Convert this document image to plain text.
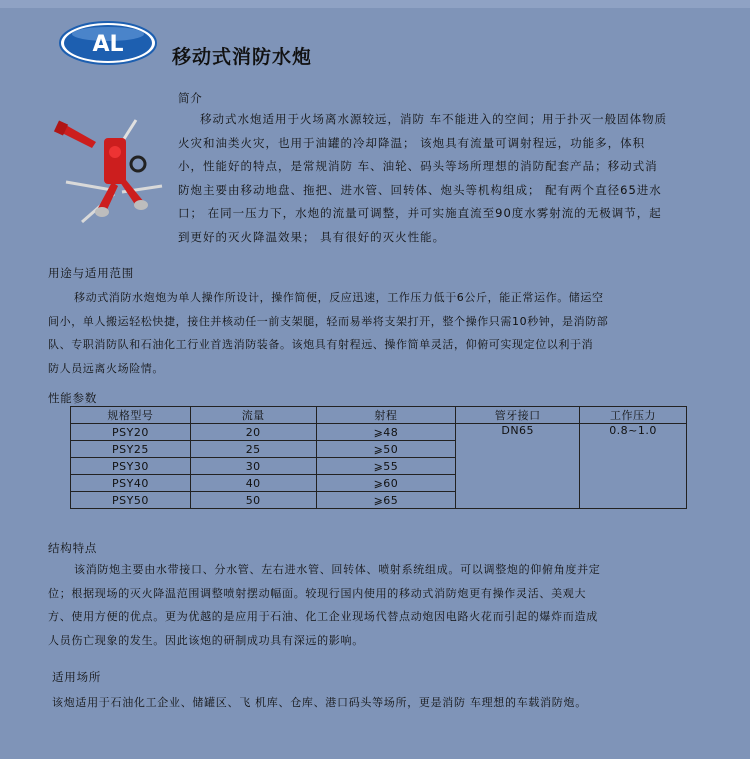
AL	移动式消防水炮
简介
移动式水炮适用于火场离水源较远，消防 车不能进入的空间；用于扑灭一般固体物质
火灾和油类火灾，也用于油罐的冷却降温； 该炮具有流量可调射程远，功能多，体积
小，性能好的特点，是常规消防 车、油轮、码头等场所理想的消防配套产品；移动式消
防炮主要由移动地盘、拖把、进水管、回转体、炮头等机构组成； 配有两个直径65进水
口； 在同一压力下，水炮的流量可调整，并可实施直流至90度水雾射流的无极调节，起
到更好的灭火降温效果； 具有很好的灭火性能。
用途与适用范围
移动式消防水炮炮为单人操作所设计，操作简便，反应迅速，工作压力低于6公斤，能正常运作。储运空
间小，单人搬运轻松快捷，接住并核动任一前支架腿，轻而易举将支架打开，整个操作只需10秒钟，是消防部
队、专职消防队和石油化工行业首选消防装备。该炮具有射程远、操作简单灵活，仰俯可实现定位以利于消
防人员远离火场险情。
性能参数
规格型号	流量	射程	管牙接口	工作压力
PSY20	20	⩾48	DN65	0.8~1.0
PSY25	25	⩾50		
PSY30	30	⩾55		
PSY40	40	⩾60		
PSY50	50	⩾65		
结构特点
该消防炮主要由水带接口、分水管、左右进水管、回转体、喷射系统组成。可以调整炮的仰俯角度并定
位；根据现场的灭火降温范围调整喷射摆动幅面。较现行国内使用的移动式消防炮更有操作灵活、美观大
方、使用方便的优点。更为优越的是应用于石油、化工企业现场代替点动炮因电路火花而引起的爆炸而造成
人员伤亡现象的发生。因此该炮的研制成功具有深远的影响。
适用场所
该炮适用于石油化工企业、储罐区、飞 机库、仓库、港口码头等场所，更是消防 车理想的车载消防炮。
